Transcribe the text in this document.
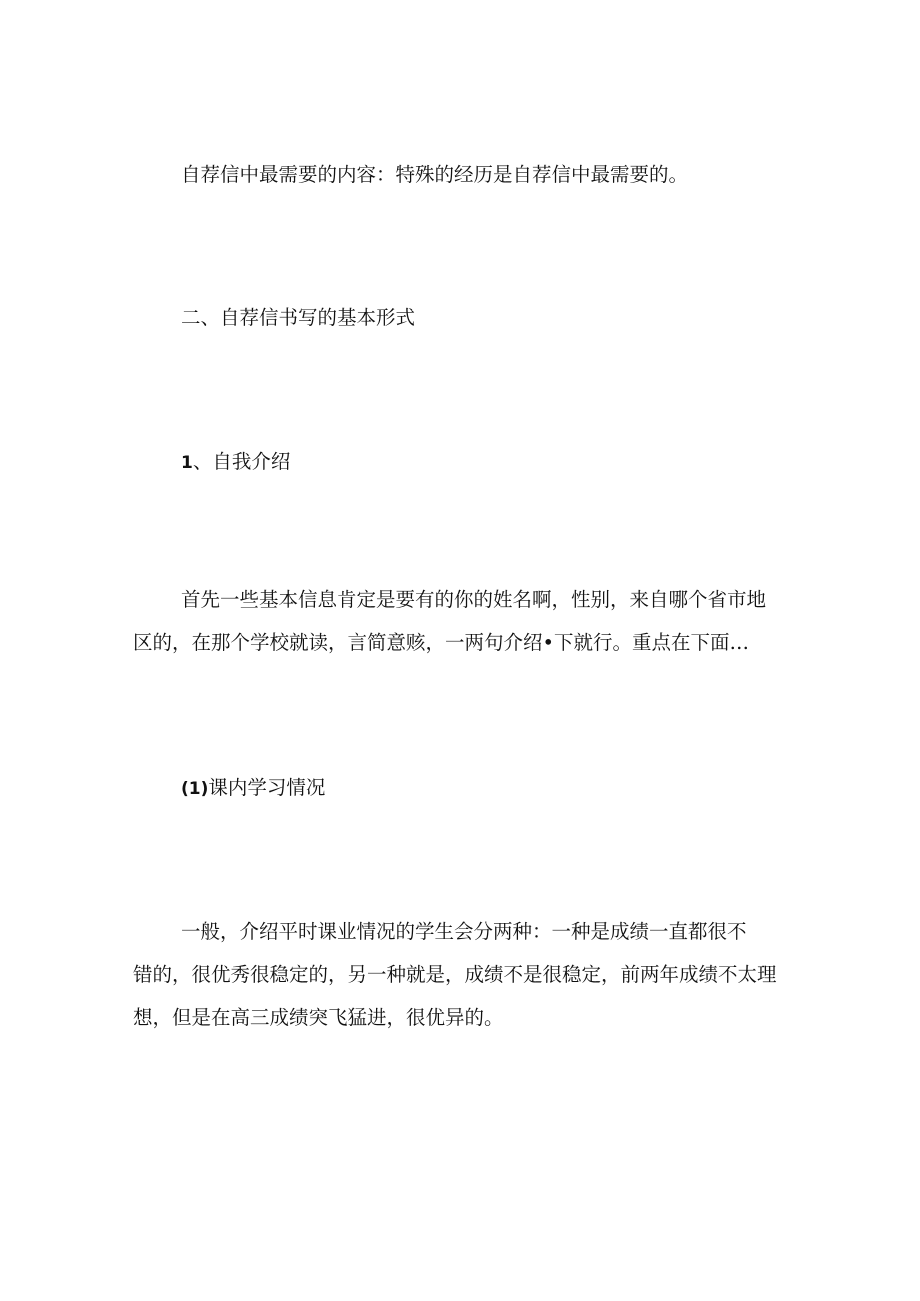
自荐信中最需要的内容：特殊的经历是自荐信中最需要的。

二、自荐信书写的基本形式

1、自我介绍

首先一些基本信息肯定是要有的你的姓名啊，性别，来自哪个省市地
区的，在那个学校就读，言简意赅，一两句介绍•下就行。重点在下面…

(1)课内学习情况

一般，介绍平时课业情况的学生会分两种：一种是成绩一直都很不
错的，很优秀很稳定的，另一种就是，成绩不是很稳定，前两年成绩不太理
想，但是在高三成绩突飞猛进，很优异的。
